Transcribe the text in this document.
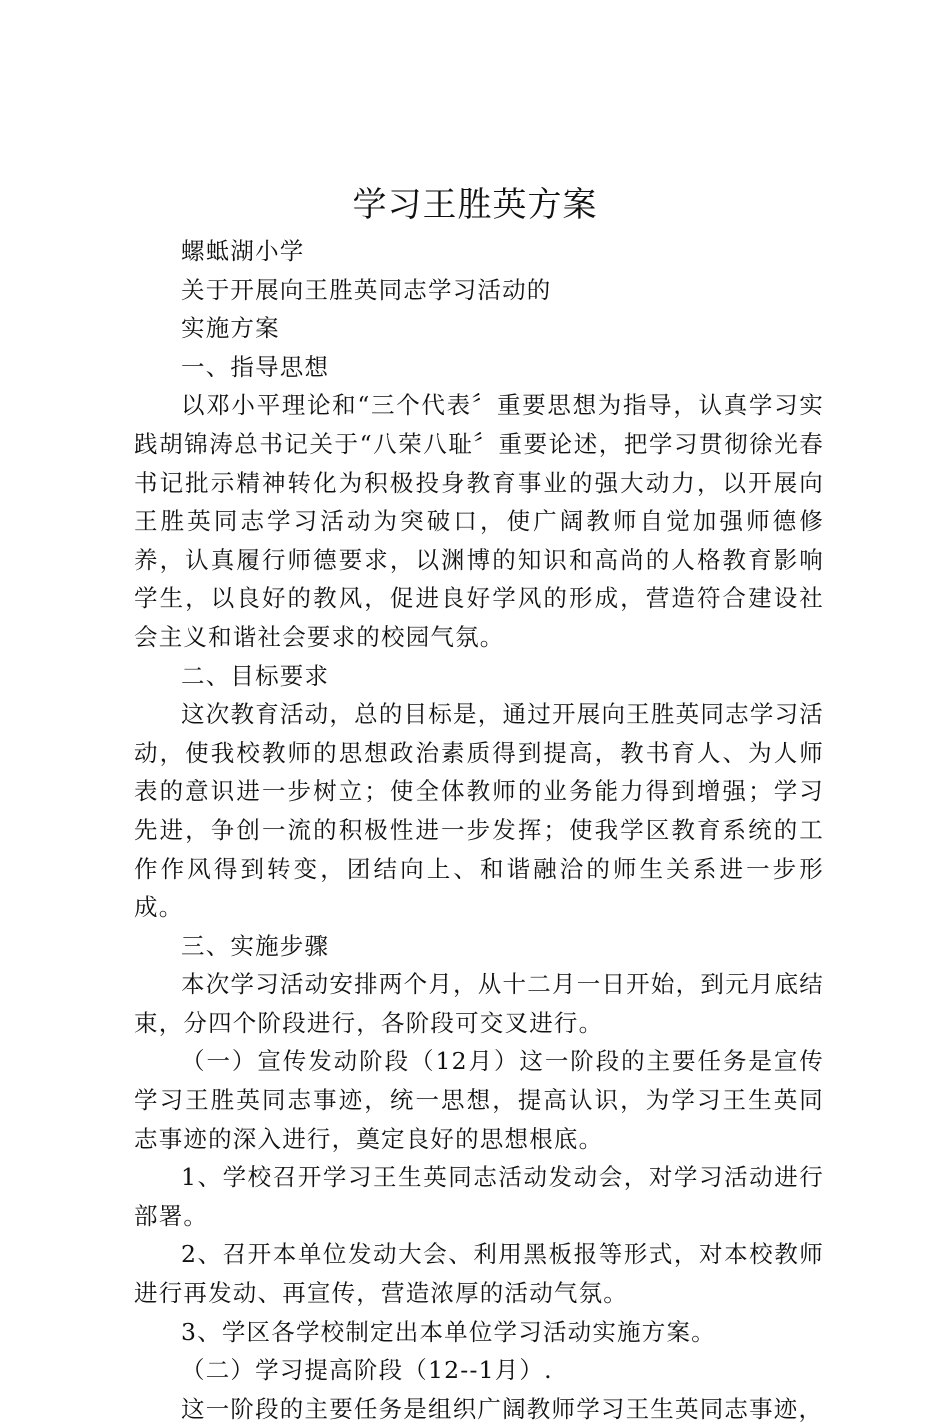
学习王胜英方案

螺蚳湖小学

关于开展向王胜英同志学习活动的

实施方案

一、指导思想

以邓小平理论和“三个代表〞重要思想为指导，认真学习实践胡锦涛总书记关于“八荣八耻〞重要论述，把学习贯彻徐光春书记批示精神转化为积极投身教育事业的强大动力，以开展向王胜英同志学习活动为突破口，使广阔教师自觉加强师德修养，认真履行师德要求，以渊博的知识和高尚的人格教育影响学生，以良好的教风，促进良好学风的形成，营造符合建设社会主义和谐社会要求的校园气氛。

二、目标要求

这次教育活动，总的目标是，通过开展向王胜英同志学习活动，使我校教师的思想政治素质得到提高，教书育人、为人师表的意识进一步树立；使全体教师的业务能力得到增强；学习先进，争创一流的积极性进一步发挥；使我学区教育系统的工作作风得到转变，团结向上、和谐融洽的师生关系进一步形成。

三、实施步骤

本次学习活动安排两个月，从十二月一日开始，到元月底结束，分四个阶段进行，各阶段可交叉进行。

（一）宣传发动阶段（12月）这一阶段的主要任务是宣传学习王胜英同志事迹，统一思想，提高认识，为学习王生英同志事迹的深入进行，奠定良好的思想根底。

1、学校召开学习王生英同志活动发动会，对学习活动进行部署。

2、召开本单位发动大会、利用黑板报等形式，对本校教师进行再发动、再宣传，营造浓厚的活动气氛。

3、学区各学校制定出本单位学习活动实施方案。

（二）学习提高阶段（12--1月）.

这一阶段的主要任务是组织广阔教师学习王生英同志事迹，
